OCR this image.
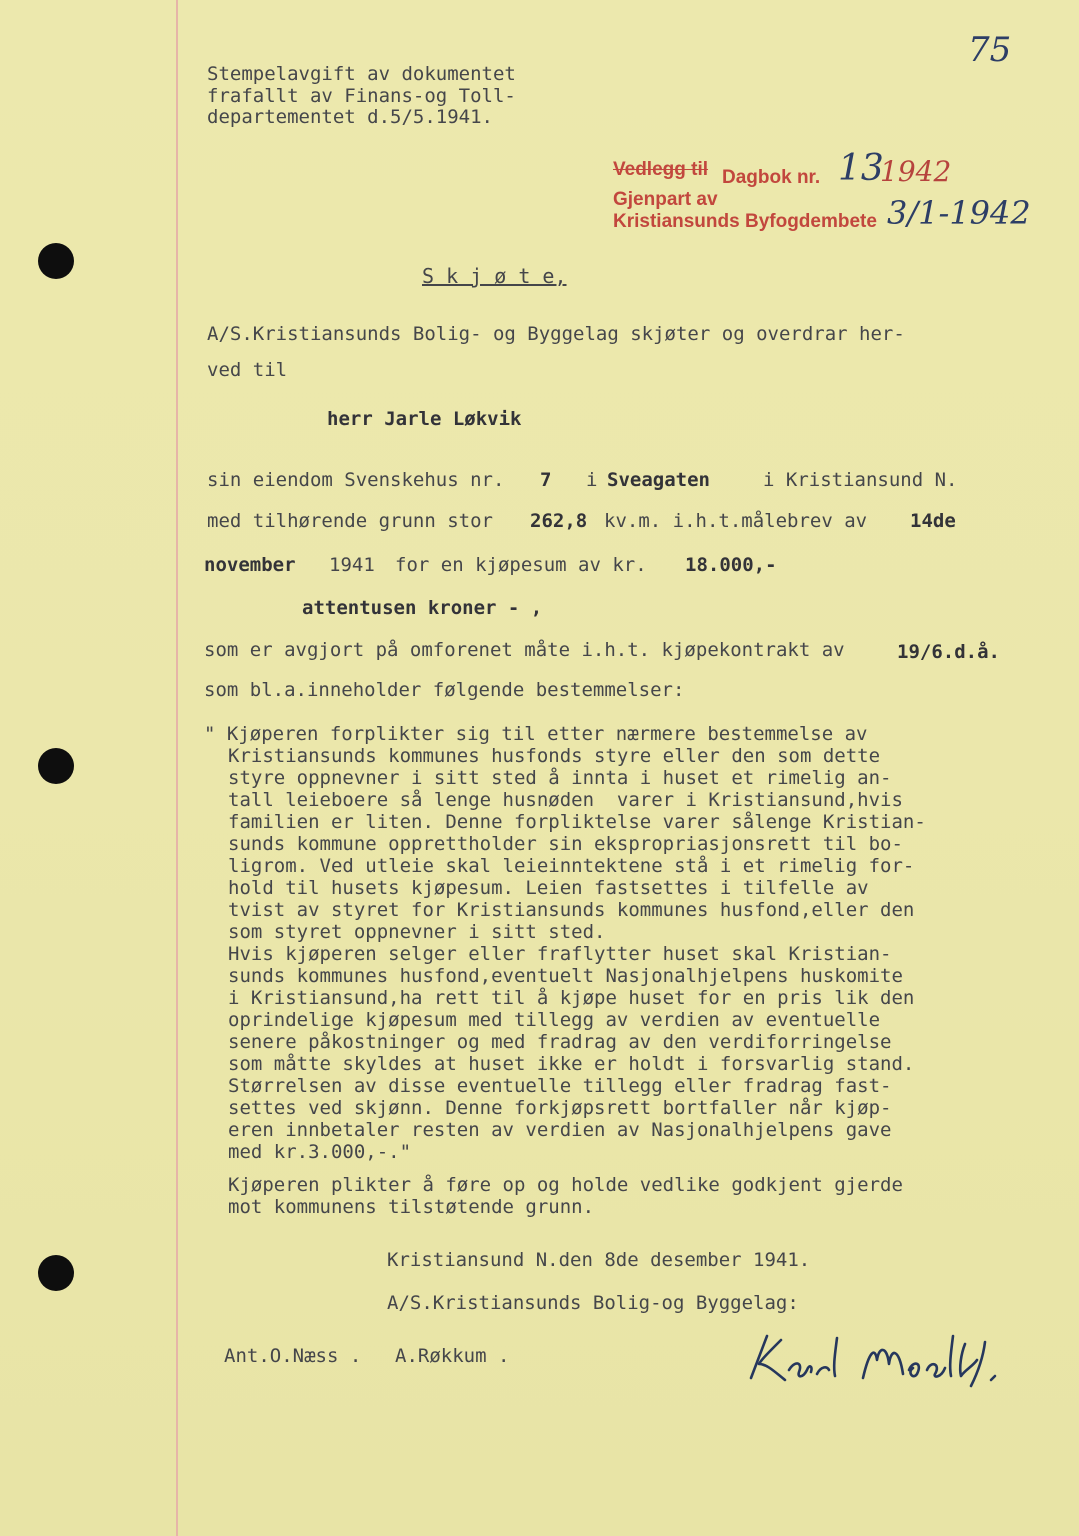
75
Stempelavgift av dokumentet
frafallt av Finans-og Toll-
departementet d.5/5.1941.
Vedlegg til Dagbok nr. 13
1942
Gjenpart av
Kristiansunds Byfogdembete 3/1-1942
S k j ø t e,
A/S.Kristiansunds Bolig- og Byggelag skjøter og overdrar her-
ved til
herr Jarle Løkvik
sin eiendom Svenskehus nr. 7 i Sveagaten	i Kristiansund N.
med tilhørende grunn stor 262,8 kv.m. i.h.t.målebrev av 14de
november 1941 for en kjøpesum av kr. 18.000,-
attentusen kroner - ,
som er avgjort på omforenet måte i.h.t. kjøpekontrakt av	19/6.d.å.
som bl.a.inneholder følgende bestemmelser:
" Kjøperen forplikter sig til etter nærmere bestemmelse av
Kristiansunds kommunes husfonds styre eller den som dette
styre oppnevner i sitt sted å innta i huset et rimelig an-
tall leieboere så lenge husnøden  varer i Kristiansund,hvis
familien er liten. Denne forpliktelse varer sålenge Kristian-
sunds kommune opprettholder sin ekspropriasjonsrett til bo-
ligrom. Ved utleie skal leieinntektene stå i et rimelig for-
hold til husets kjøpesum. Leien fastsettes i tilfelle av
tvist av styret for Kristiansunds kommunes husfond,eller den
som styret oppnevner i sitt sted.
Hvis kjøperen selger eller fraflytter huset skal Kristian-
sunds kommunes husfond,eventuelt Nasjonalhjelpens huskomite
i Kristiansund,ha rett til å kjøpe huset for en pris lik den
oprindelige kjøpesum med tillegg av verdien av eventuelle
senere påkostninger og med fradrag av den verdiforringelse
som måtte skyldes at huset ikke er holdt i forsvarlig stand.
Størrelsen av disse eventuelle tillegg eller fradrag fast-
settes ved skjønn. Denne forkjøpsrett bortfaller når kjøp-
eren innbetaler resten av verdien av Nasjonalhjelpens gave
med kr.3.000,-."
Kjøperen plikter å føre op og holde vedlike godkjent gjerde
mot kommunens tilstøtende grunn.
Kristiansund N.den 8de desember 1941.
A/S.Kristiansunds Bolig-og Byggelag:
Ant.O.Næss . A.Røkkum .
